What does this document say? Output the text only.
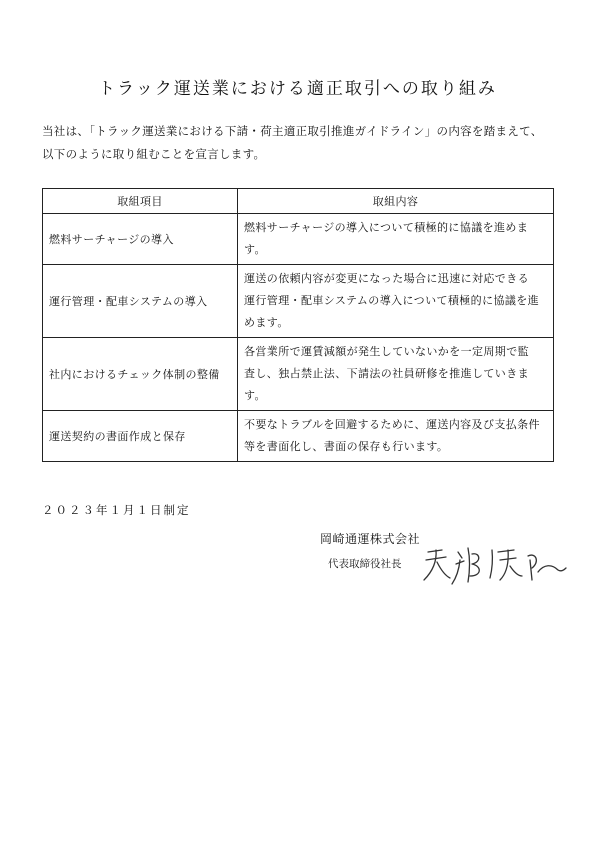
トラック運送業における適正取引への取り組み
当社は、「トラック運送業における下請・荷主適正取引推進ガイドライン」の内容を踏まえて、
以下のように取り組むことを宣言します。
取組項目	取組内容
燃料サーチャージの導入	燃料サーチャージの導入について積極的に協議を進めま
す。

運行管理・配車システムの導入	運送の依頼内容が変更になった場合に迅速に対応できる
運行管理・配車システムの導入について積極的に協議を進
めます。

社内におけるチェック体制の整備	各営業所で運賃減額が発生していないかを一定周期で監
査し、独占禁止法、下請法の社員研修を推進していきます。

運送契約の書面作成と保存	不要なトラブルを回避するために、運送内容及び支払条件
等を書面化し、書面の保存も行います。
２０２３年１月１日制定
岡崎通運株式会社
代表取締役社長
